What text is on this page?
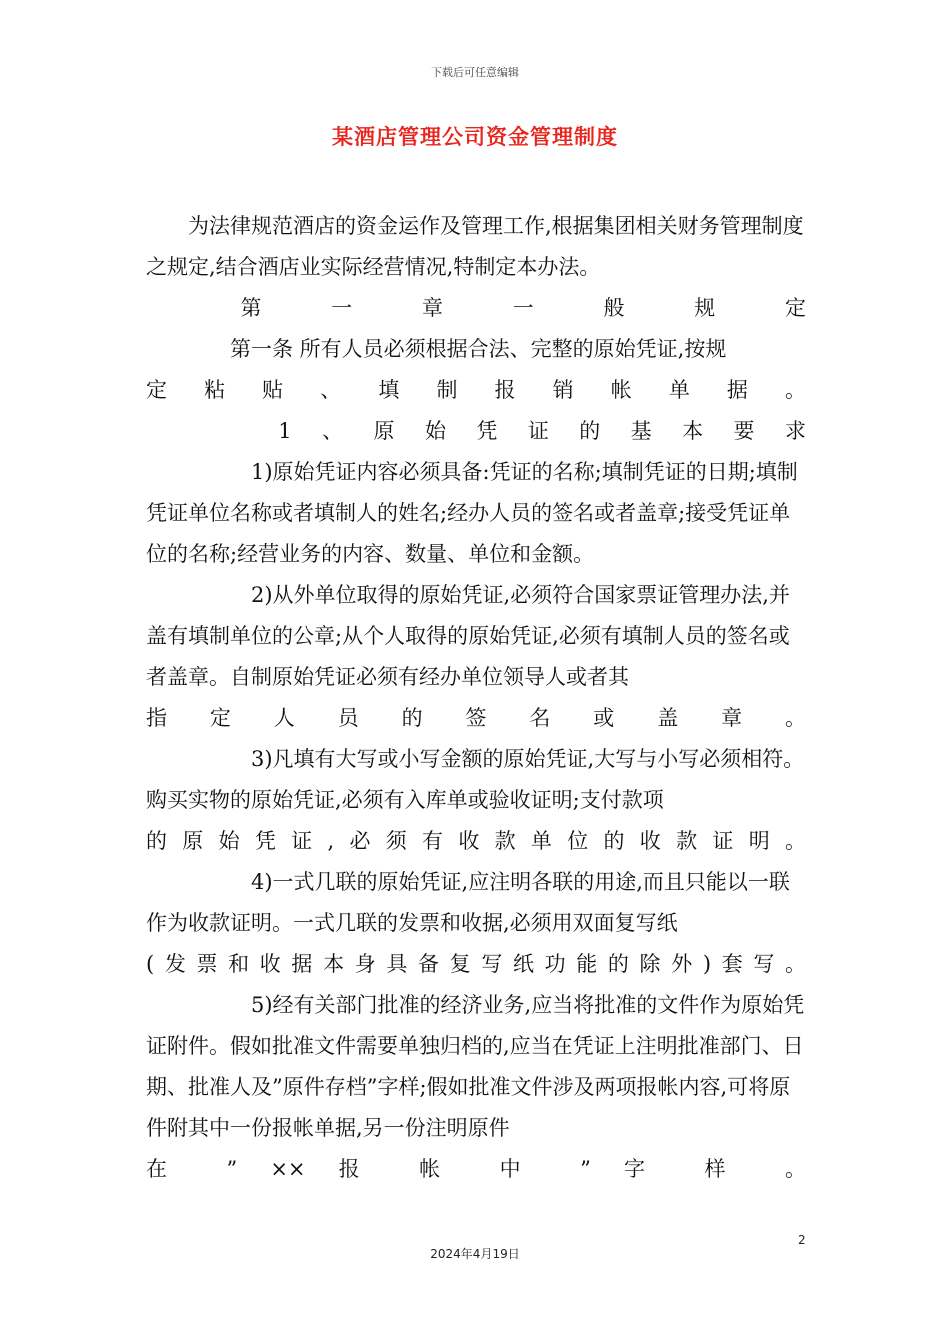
下载后可任意编辑
某酒店管理公司资金管理制度

为法律规范酒店的资金运作及管理工作,根据集团相关财务管理制度之规定,结合酒店业实际经营情况,特制定本办法。

第 一 章 一 般 规 定

第一条 所有人员必须根据合法、完整的原始凭证,按规

定粘贴、填制报销帐单据。

1、原始凭证的基本要求

1)原始凭证内容必须具备:凭证的名称;填制凭证的日期;填制凭证单位名称或者填制人的姓名;经办人员的签名或者盖章;接受凭证单位的名称;经营业务的内容、数量、单位和金额。

2)从外单位取得的原始凭证,必须符合国家票证管理办法,并盖有填制单位的公章;从个人取得的原始凭证,必须有填制人员的签名或者盖章。自制原始凭证必须有经办单位领导人或者其

指定人员的签名或盖章。

3)凡填有大写或小写金额的原始凭证,大写与小写必须相符。购买实物的原始凭证,必须有入库单或验收证明;支付款项

的原始凭证,必须有收款单位的收款证明。

4)一式几联的原始凭证,应注明各联的用途,而且只能以一联作为收款证明。一式几联的发票和收据,必须用双面复写纸

(发票和收据本身具备复写纸功能的除外)套写。

5)经有关部门批准的经济业务,应当将批准的文件作为原始凭证附件。假如批准文件需要单独归档的,应当在凭证上注明批准部门、日期、批准人及”原件存档”字样;假如批准文件涉及两项报帐内容,可将原件附其中一份报帐单据,另一份注明原件

在 ” ×× 报 帐 中 ” 字 样 。

2
2024年4月19日
